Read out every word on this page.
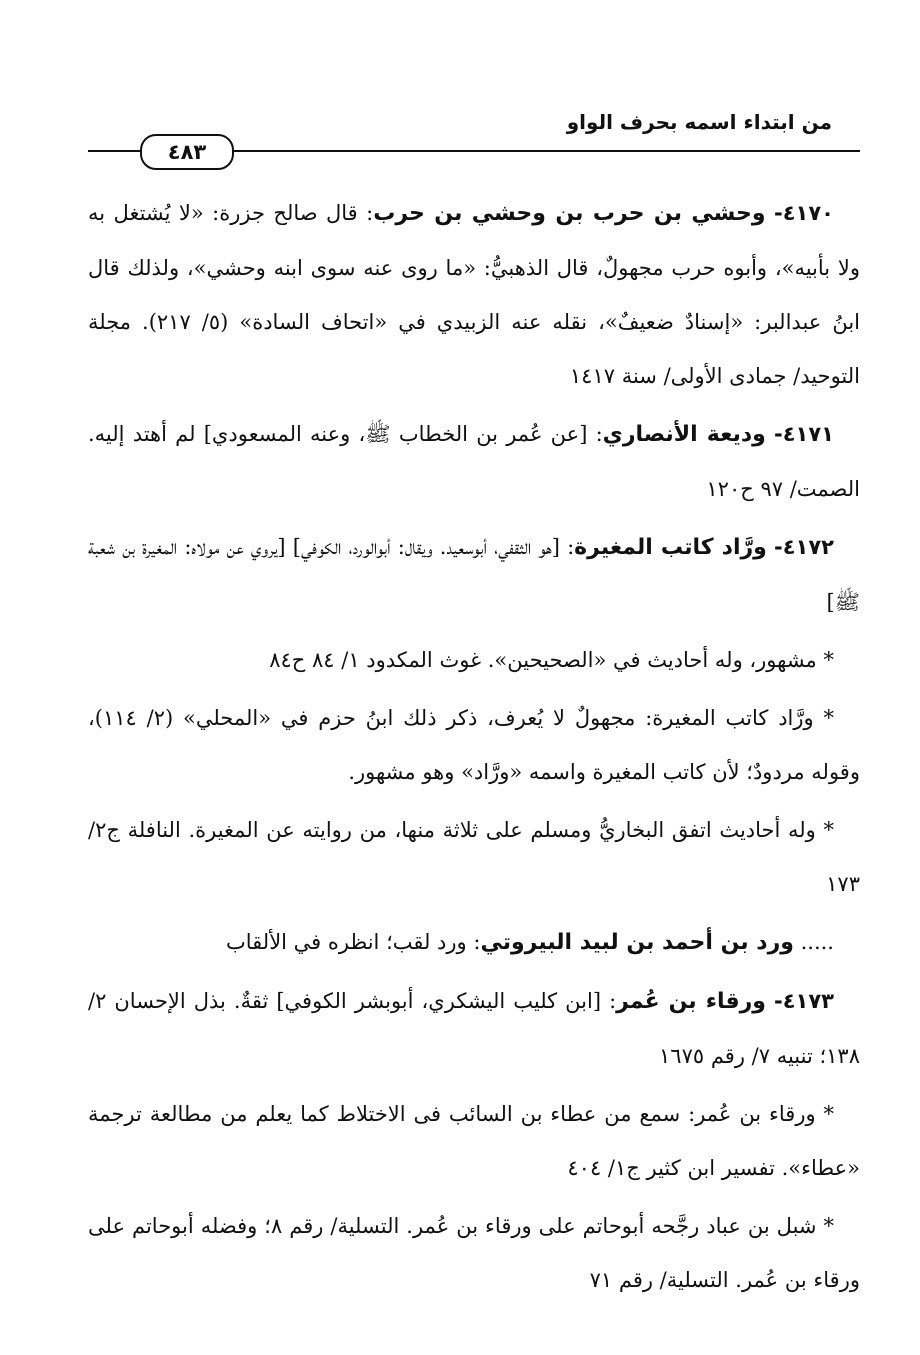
من ابتداء اسمه بحرف الواو
٤٨٣

٤١٧٠- وحشي بن حرب بن وحشي بن حرب: قال صالح جزرة: «لا يُشتغل به ولا بأبيه»، وأبوه حرب مجهولٌ، قال الذهبيُّ: «ما روى عنه سوى ابنه وحشي»، ولذلك قال ابنُ عبدالبر: «إسنادٌ ضعيفٌ»، نقله عنه الزبيدي في «اتحاف السادة» (٥/ ٢١٧). مجلة التوحيد/ جمادى الأولى/ سنة ١٤١٧

٤١٧١- وديعة الأنصاري: [عن عُمر بن الخطاب ﷺ، وعنه المسعودي] لم أهتد إليه. الصمت/ ٩٧ ح١٢٠

٤١٧٢- ورَّاد كاتب المغيرة: [هو الثقفي، أبوسعيد. ويقال: أبوالورد، الكوفي] [يروي عن مولاه: المغيرة بن شعبة ﷺ]

* مشهور، وله أحاديث في «الصحيحين». غوث المكدود ١/ ٨٤ ح٨٤

* ورَّاد كاتب المغيرة: مجهولٌ لا يُعرف، ذكر ذلك ابنُ حزم في «المحلي» (٢/ ١١٤)، وقوله مردودٌ؛ لأن كاتب المغيرة واسمه «ورَّاد» وهو مشهور.

* وله أحاديث اتفق البخاريُّ ومسلم على ثلاثة منها، من روايته عن المغيرة. النافلة ج٢/ ١٧٣

..... ورد بن أحمد بن لبيد البيروتي: ورد لقب؛ انظره في الألقاب

٤١٧٣- ورقاء بن عُمر: [ابن كليب اليشكري، أبوبشر الكوفي] ثقةٌ. بذل الإحسان ٢/ ١٣٨؛ تنبيه ٧/ رقم ١٦٧٥

* ورقاء بن عُمر: سمع من عطاء بن السائب فى الاختلاط كما يعلم من مطالعة ترجمة «عطاء». تفسير ابن كثير ج١/ ٤٠٤

* شبل بن عباد رجَّحه أبوحاتم على ورقاء بن عُمر. التسلية/ رقم ٨؛ وفضله أبوحاتم على ورقاء بن عُمر. التسلية/ رقم ٧١
